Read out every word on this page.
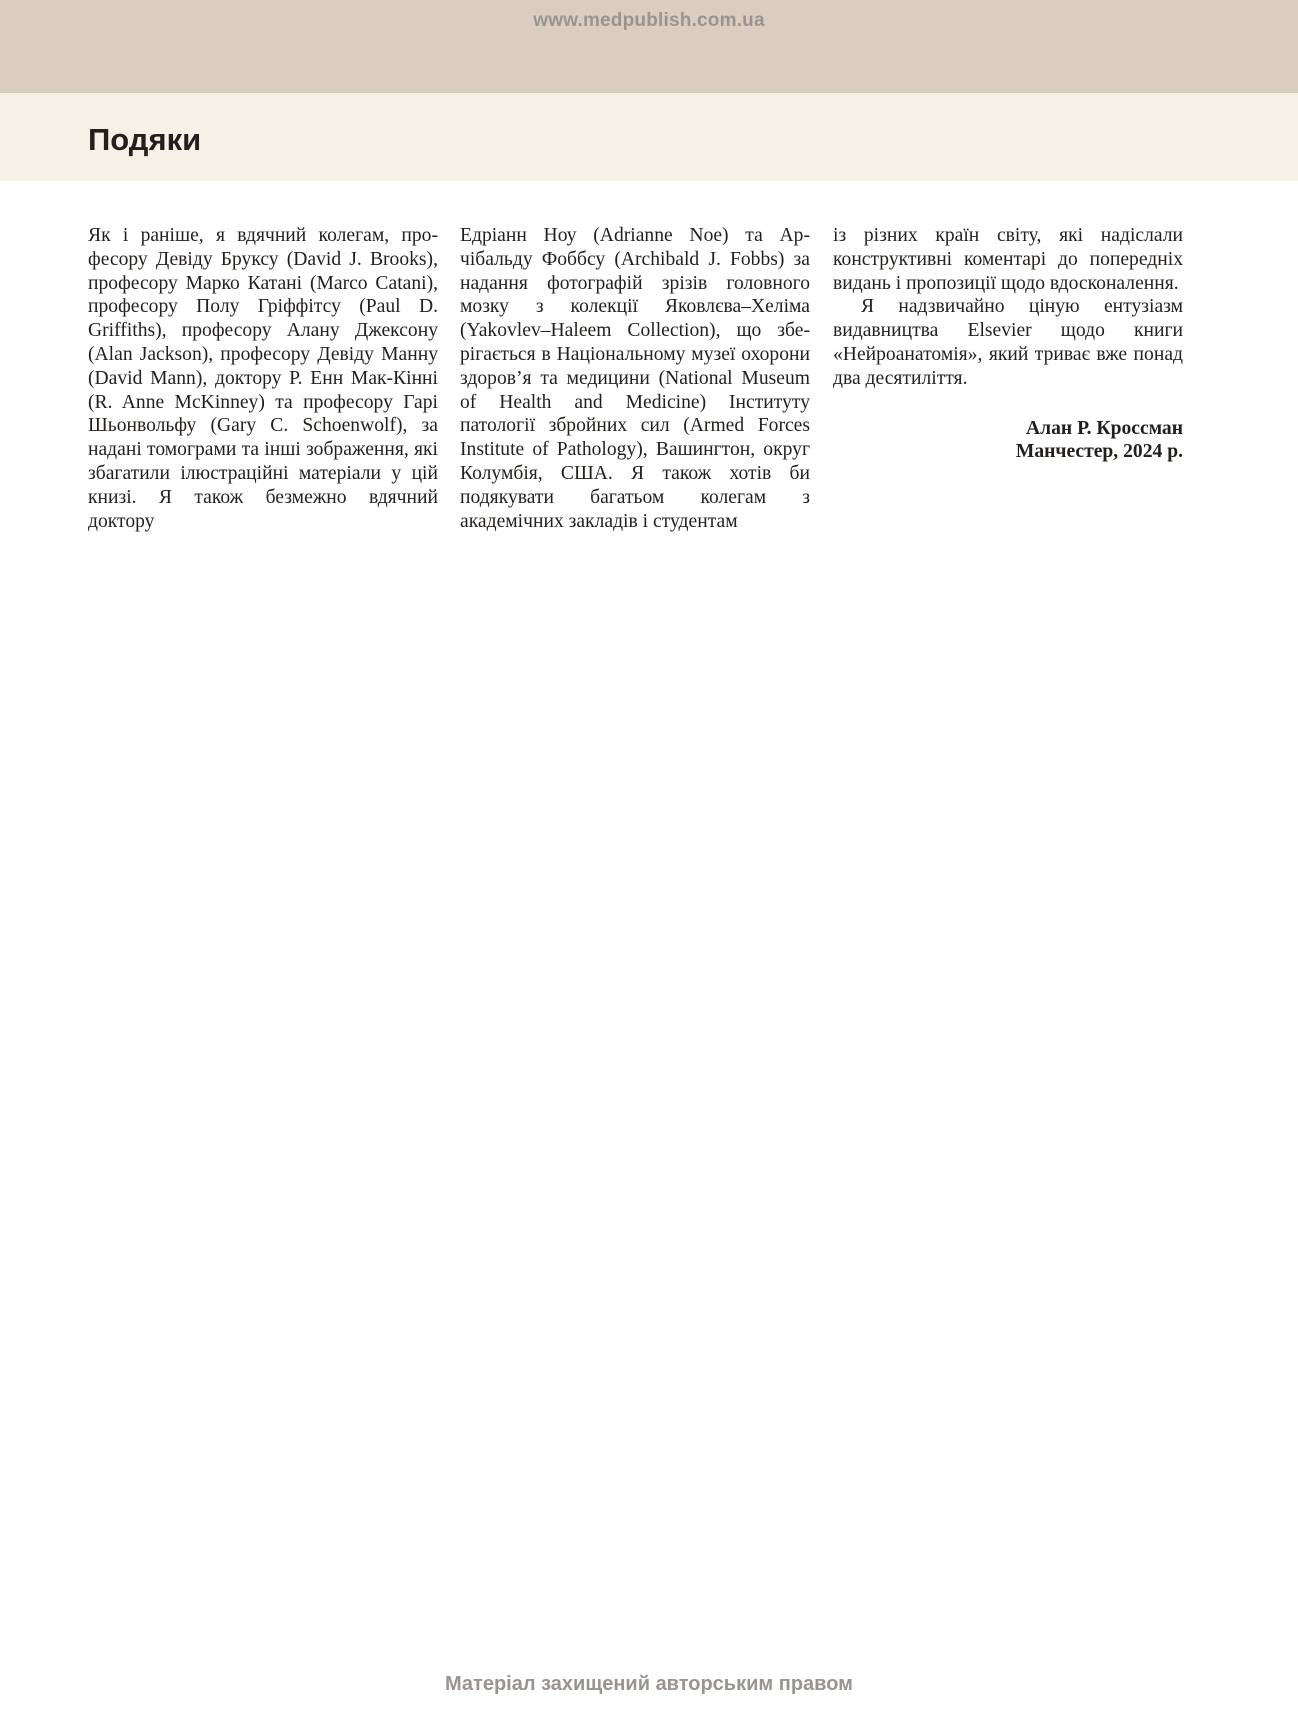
www.medpublish.com.ua
Подяки

Як і раніше, я вдячний колегам, професору Девіду Бруксу (David J. Brooks), професору Марко Катані (Marco Catani), професору Полу Гріффітсу (Paul D. Griffiths), професору Алану Джексону (Alan Jackson), професору Девіду Манну (David Mann), доктору Р. Енн Мак-Кінні (R. Anne McKinney) та професору Гарі Шьонвольфу (Gary C. Schoenwolf), за надані томограми та інші зображення, які збагатили ілюстраційні матеріали у цій книзі. Я також безмежно вдячний доктору

Едріанн Ноу (Adrianne Noe) та Арчібальду Фоббсу (Archibald J. Fobbs) за надання фотографій зрізів головного мозку з колекції Яковлєва–Хеліма (Yakovlev–Haleem Collection), що зберігається в Національному музеї охорони здоров’я та медицини (National Museum of Health and Medicine) Інституту патології збройних сил (Armed Forces Institute of Pathology), Вашингтон, округ Колумбія, США. Я також хотів би подякувати багатьом колегам з академічних закладів і студентам

із різних країн світу, які надіслали конструктивні коментарі до попередніх видань і пропозиції щодо вдосконалення.

Я надзвичайно ціную ентузіазм видавництва Elsevier щодо книги «Нейроанатомія», який триває вже понад два десятиліття.

Алан Р. Кроссман
Манчестер, 2024 р.
Матеріал захищений авторським правом
